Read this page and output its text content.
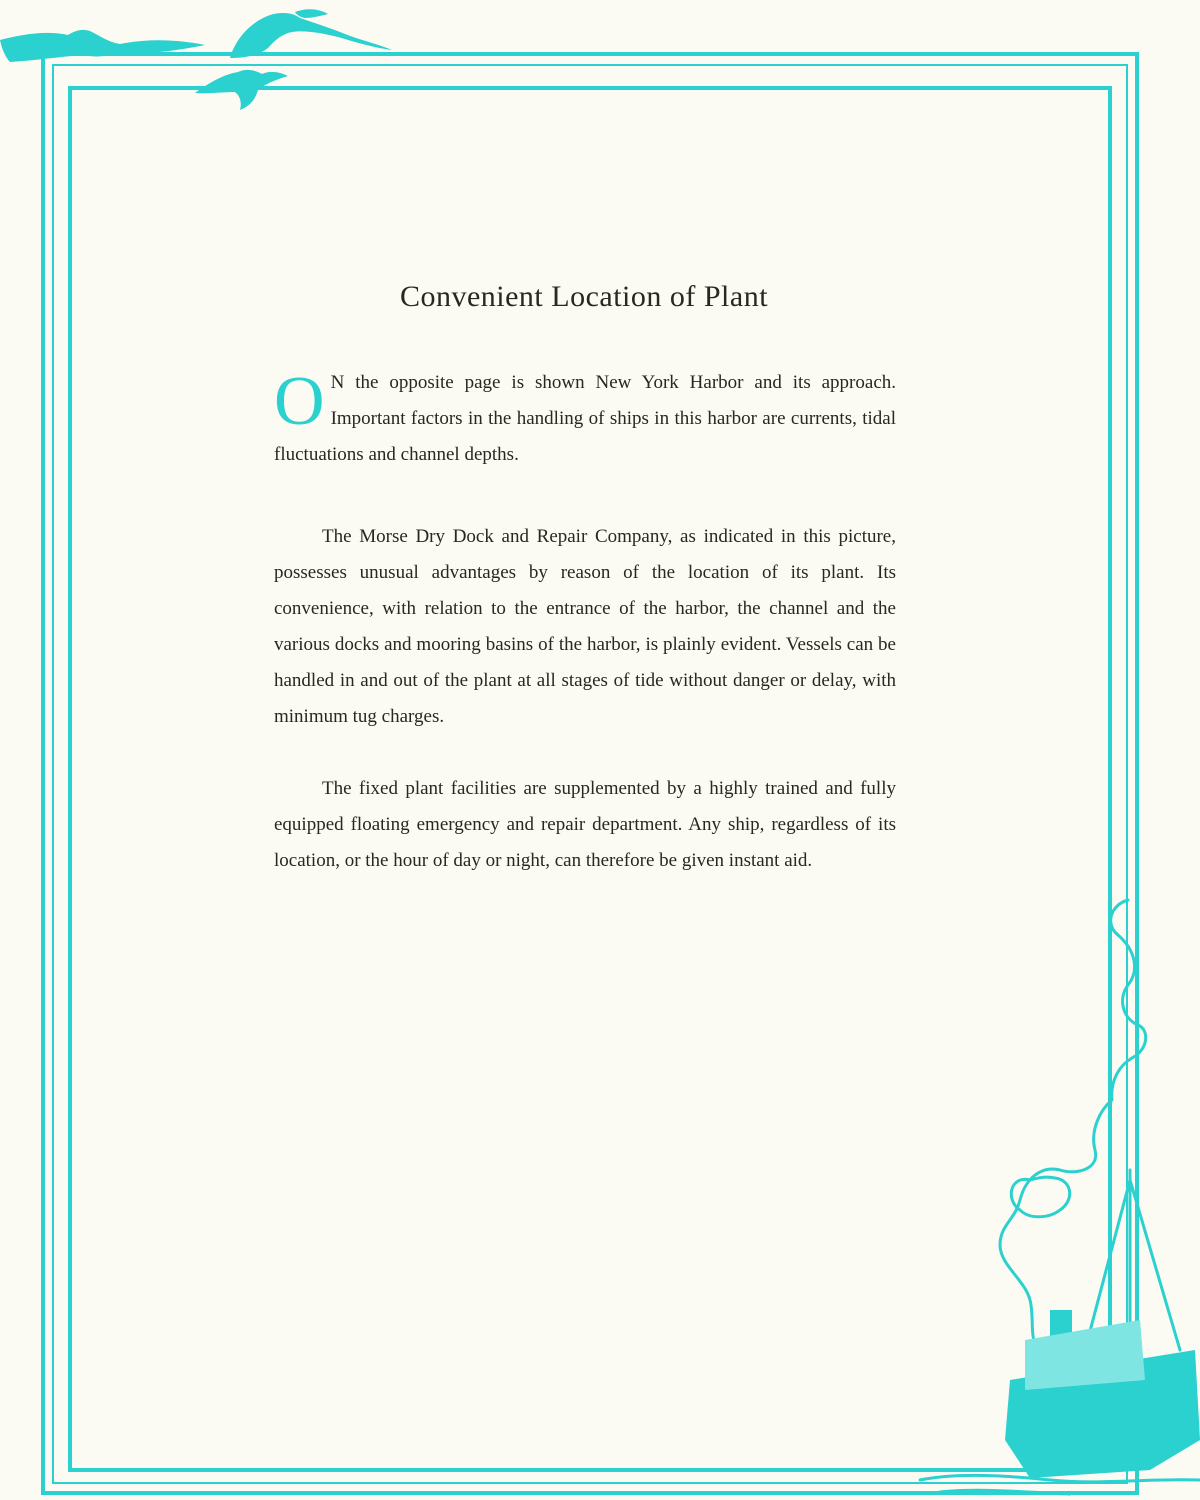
Convenient Location of Plant

O N the opposite page is shown New York Harbor and its approach. Important factors in the handling of ships in this harbor are currents, tidal fluctuations and channel depths.

The Morse Dry Dock and Repair Company, as indicated in this picture, possesses unusual advantages by reason of the location of its plant. Its convenience, with relation to the entrance of the harbor, the channel and the various docks and mooring basins of the harbor, is plainly evident. Vessels can be handled in and out of the plant at all stages of tide without danger or delay, with minimum tug charges.

The fixed plant facilities are supplemented by a highly trained and fully equipped floating emergency and repair department. Any ship, regardless of its location, or the hour of day or night, can therefore be given instant aid.
